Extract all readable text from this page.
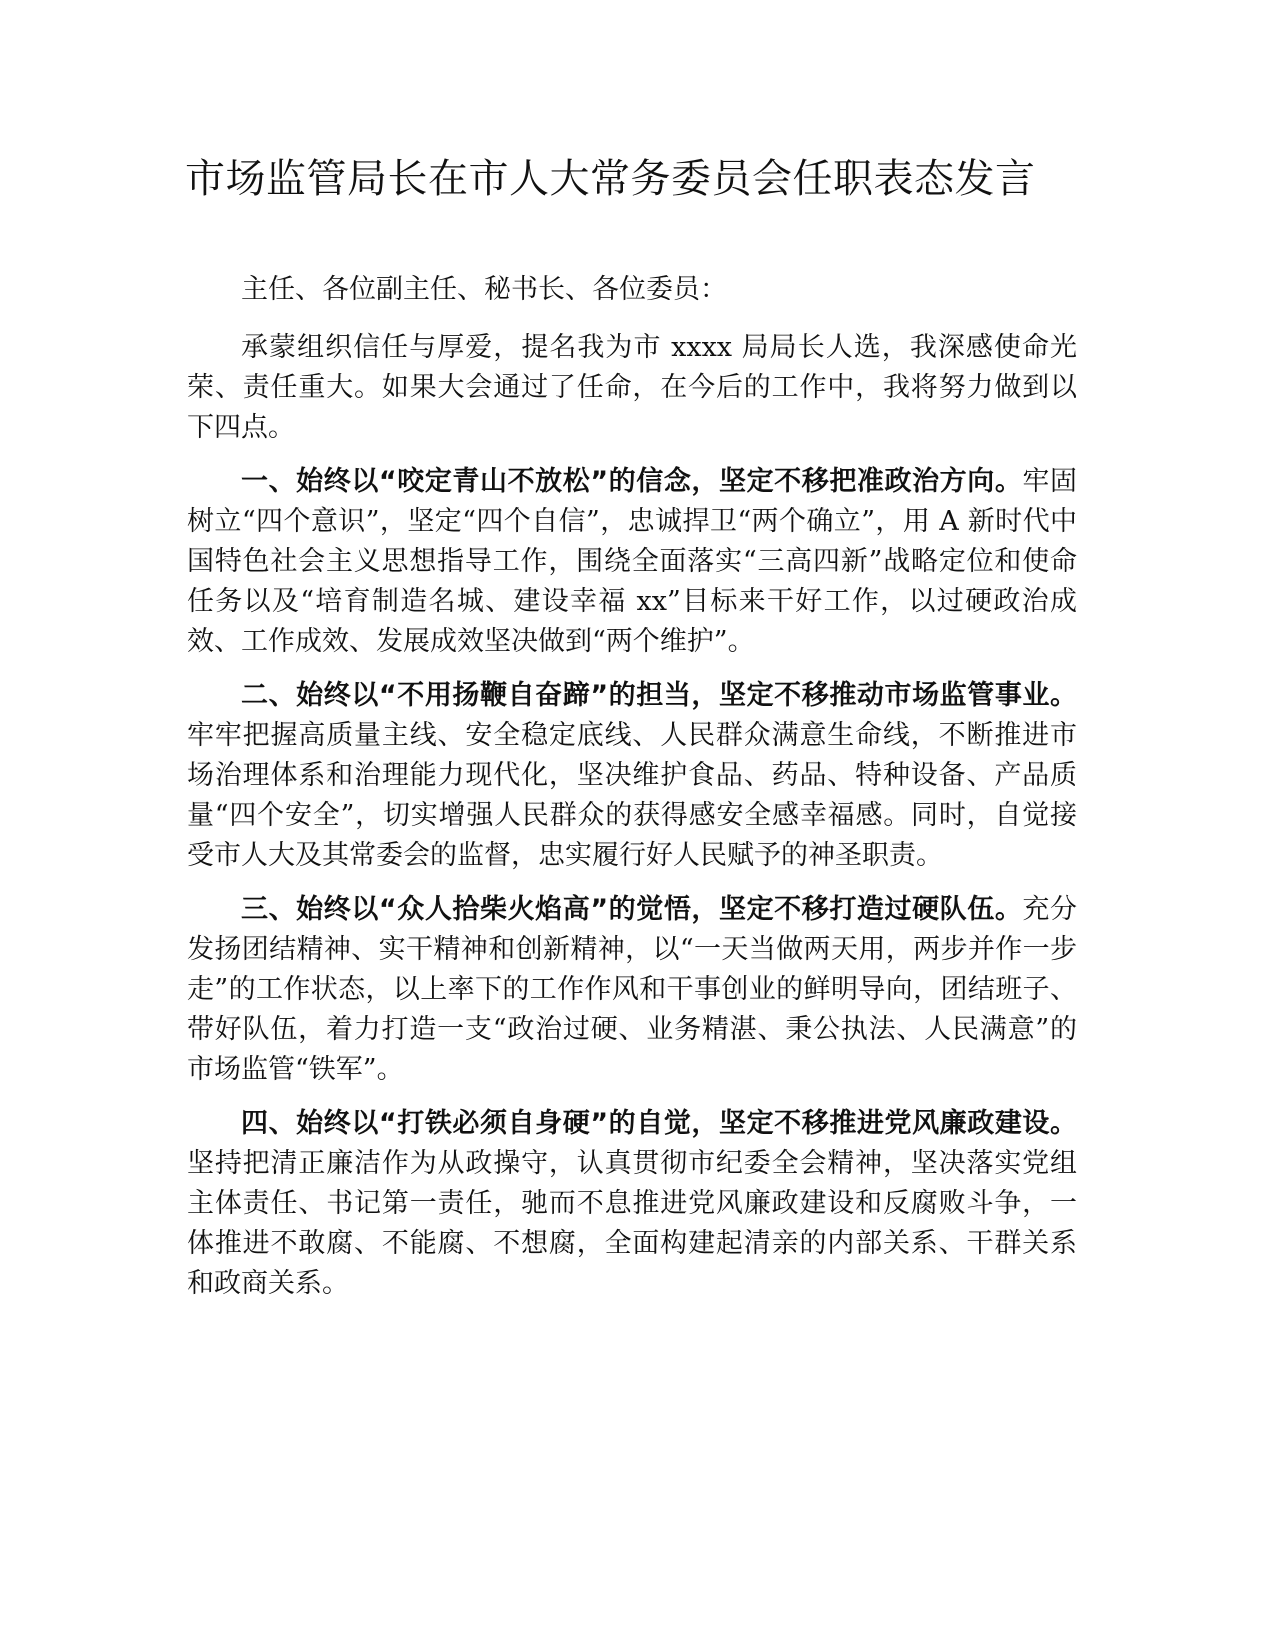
市场监管局长在市人大常务委员会任职表态发言

主任、各位副主任、秘书长、各位委员：

承蒙组织信任与厚爱，提名我为市 xxxx 局局长人选，我深感使命光荣、责任重大。如果大会通过了任命，在今后的工作中，我将努力做到以下四点。

一、始终以“咬定青山不放松”的信念，坚定不移把准政治方向。牢固树立“四个意识”，坚定“四个自信”，忠诚捍卫“两个确立”，用 A 新时代中国特色社会主义思想指导工作，围绕全面落实“三高四新”战略定位和使命任务以及“培育制造名城、建设幸福 xx”目标来干好工作，以过硬政治成效、工作成效、发展成效坚决做到“两个维护”。

二、始终以“不用扬鞭自奋蹄”的担当，坚定不移推动市场监管事业。牢牢把握高质量主线、安全稳定底线、人民群众满意生命线，不断推进市场治理体系和治理能力现代化，坚决维护食品、药品、特种设备、产品质量“四个安全”，切实增强人民群众的获得感安全感幸福感。同时，自觉接受市人大及其常委会的监督，忠实履行好人民赋予的神圣职责。

三、始终以“众人拾柴火焰高”的觉悟，坚定不移打造过硬队伍。充分发扬团结精神、实干精神和创新精神，以“一天当做两天用，两步并作一步走”的工作状态，以上率下的工作作风和干事创业的鲜明导向，团结班子、带好队伍，着力打造一支“政治过硬、业务精湛、秉公执法、人民满意”的市场监管“铁军”。

四、始终以“打铁必须自身硬”的自觉，坚定不移推进党风廉政建设。坚持把清正廉洁作为从政操守，认真贯彻市纪委全会精神，坚决落实党组主体责任、书记第一责任，驰而不息推进党风廉政建设和反腐败斗争，一体推进不敢腐、不能腐、不想腐，全面构建起清亲的内部关系、干群关系和政商关系。
